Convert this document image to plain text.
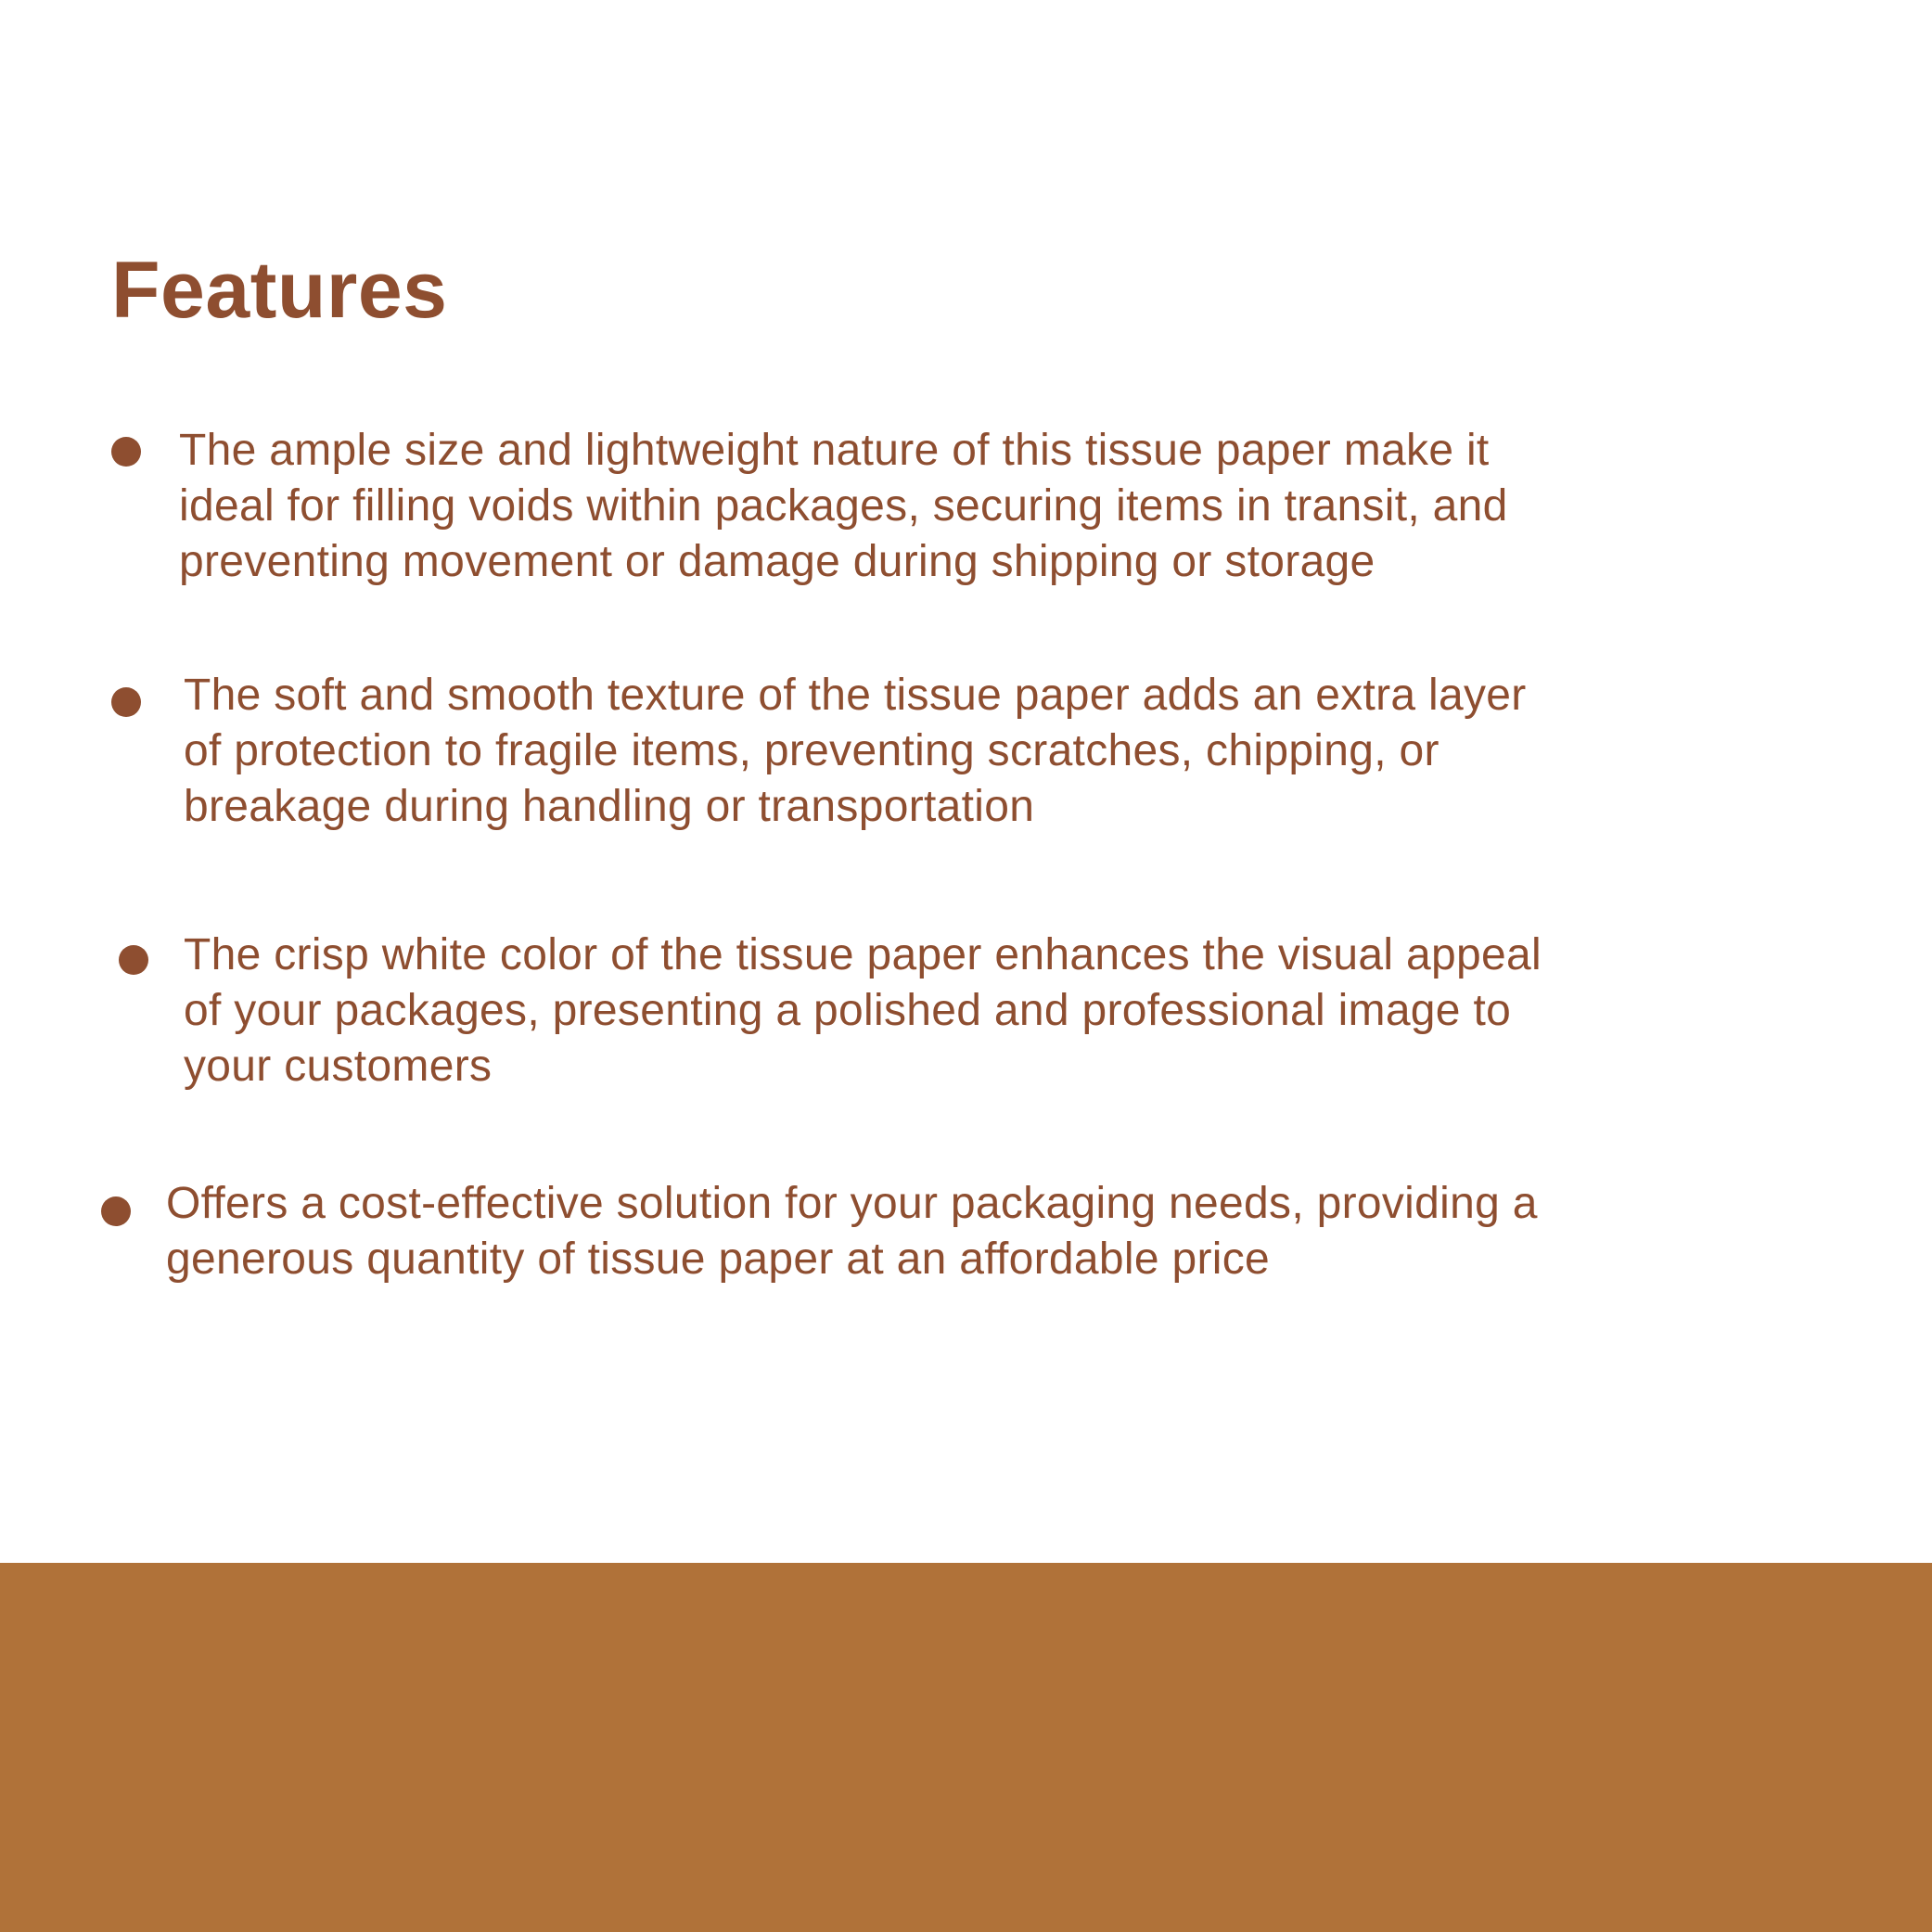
Features

The ample size and lightweight nature of this tissue paper make it
ideal for filling voids within packages, securing items in transit, and
preventing movement or damage during shipping or storage

The soft and smooth texture of the tissue paper adds an extra layer
of protection to fragile items, preventing scratches, chipping, or
breakage during handling or transportation

The crisp white color of the tissue paper enhances the visual appeal
of your packages, presenting a polished and professional image to
your customers

Offers a cost-effective solution for your packaging needs, providing a
generous quantity of tissue paper at an affordable price
